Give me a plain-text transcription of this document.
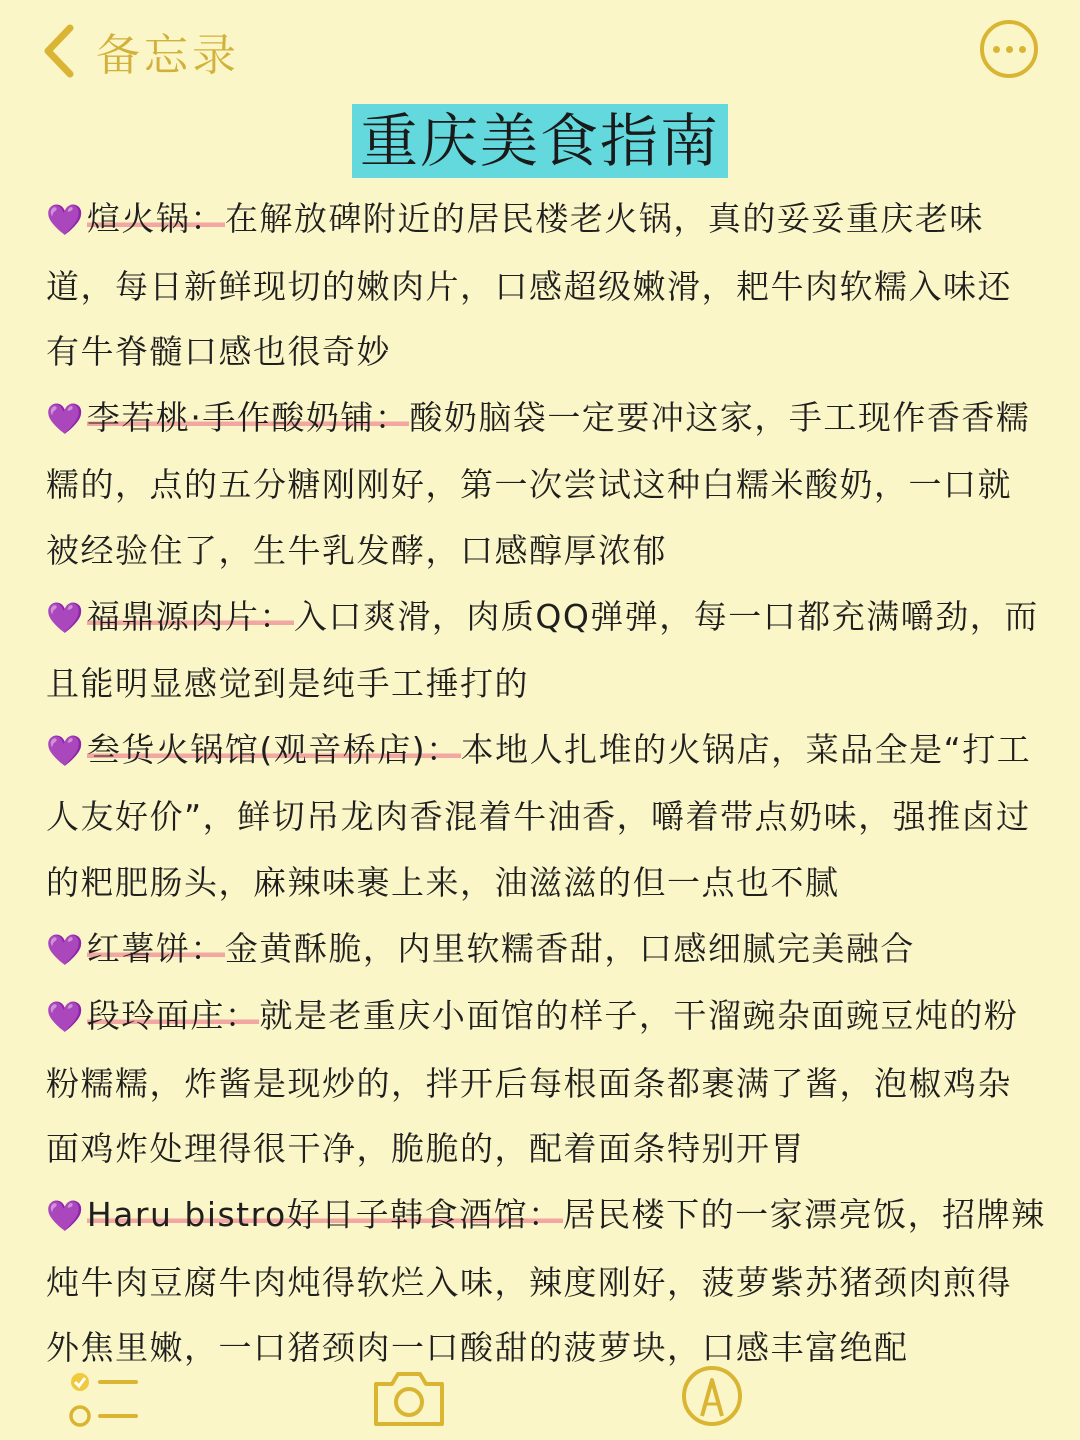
备忘录
重庆美食指南

💜煊火锅：在解放碑附近的居民楼老火锅，真的妥妥重庆老味道，每日新鲜现切的嫩肉片，口感超级嫩滑，耙牛肉软糯入味还有牛脊髓口感也很奇妙

💜李若桃·手作酸奶铺：酸奶脑袋一定要冲这家，手工现作香香糯糯的，点的五分糖刚刚好，第一次尝试这种白糯米酸奶，一口就被经验住了，生牛乳发酵，口感醇厚浓郁

💜福鼎源肉片：入口爽滑，肉质QQ弹弹，每一口都充满嚼劲，而且能明显感觉到是纯手工捶打的

💜叁货火锅馆(观音桥店)：本地人扎堆的火锅店，菜品全是“打工人友好价”，鲜切吊龙肉香混着牛油香，嚼着带点奶味，强推卤过的粑肥肠头，麻辣味裹上来，油滋滋的但一点也不腻

💜红薯饼：金黄酥脆，内里软糯香甜，口感细腻完美融合

💜段玲面庄：就是老重庆小面馆的样子，干溜豌杂面豌豆炖的粉粉糯糯，炸酱是现炒的，拌开后每根面条都裹满了酱，泡椒鸡杂面鸡炸处理得很干净，脆脆的，配着面条特别开胃

💜Haru bistro好日子韩食酒馆：居民楼下的一家漂亮饭，招牌辣炖牛肉豆腐牛肉炖得软烂入味，辣度刚好，菠萝紫苏猪颈肉煎得外焦里嫩，一口猪颈肉一口酸甜的菠萝块，口感丰富绝配
